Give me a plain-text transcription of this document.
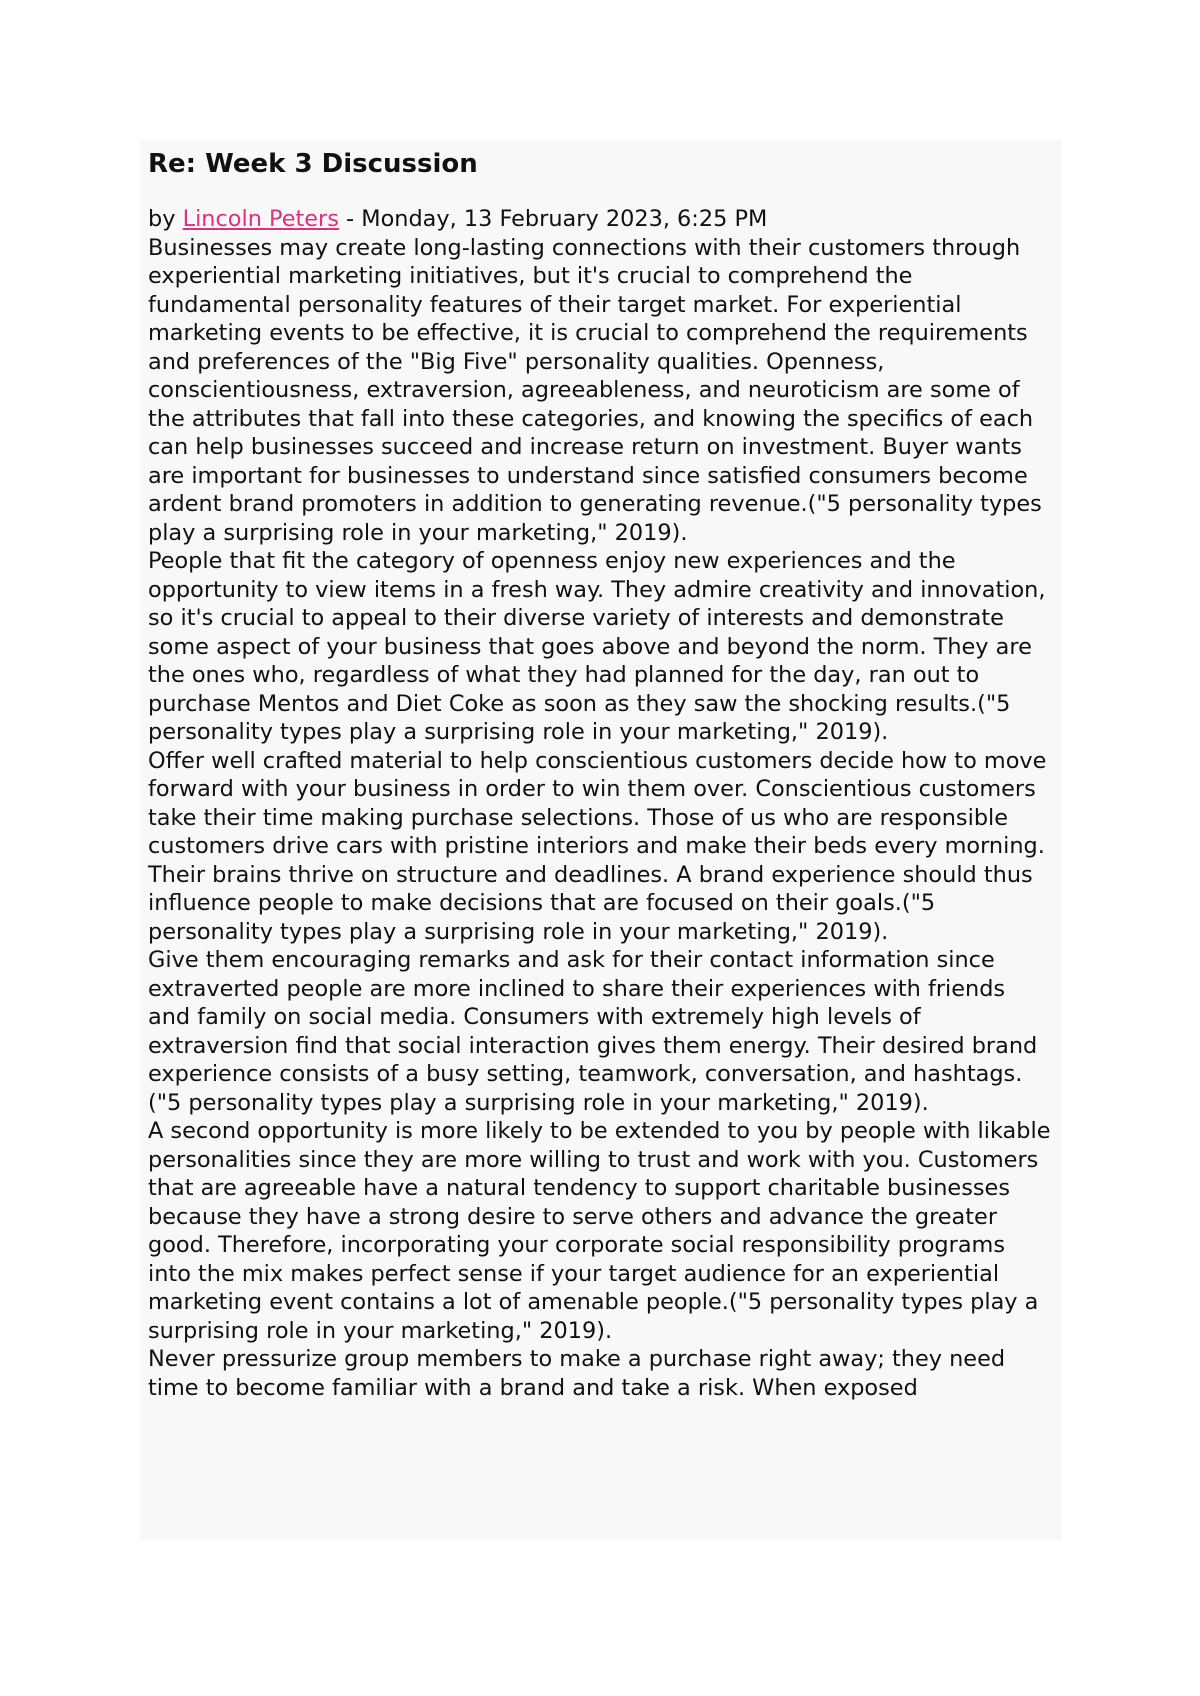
Re: Week 3 Discussion
by Lincoln Peters - Monday, 13 February 2023, 6:25 PM

Businesses may create long-lasting connections with their customers through experiential marketing initiatives, but it's crucial to comprehend the fundamental personality features of their target market. For experiential marketing events to be effective, it is crucial to comprehend the requirements and preferences of the "Big Five" personality qualities. Openness, conscientiousness, extraversion, agreeableness, and neuroticism are some of the attributes that fall into these categories, and knowing the specifics of each can help businesses succeed and increase return on investment. Buyer wants are important for businesses to understand since satisfied consumers become ardent brand promoters in addition to generating revenue.("5 personality types play a surprising role in your marketing," 2019).

People that fit the category of openness enjoy new experiences and the opportunity to view items in a fresh way. They admire creativity and innovation, so it's crucial to appeal to their diverse variety of interests and demonstrate some aspect of your business that goes above and beyond the norm. They are the ones who, regardless of what they had planned for the day, ran out to purchase Mentos and Diet Coke as soon as they saw the shocking results.("5 personality types play a surprising role in your marketing," 2019).

Offer well crafted material to help conscientious customers decide how to move forward with your business in order to win them over. Conscientious customers take their time making purchase selections. Those of us who are responsible customers drive cars with pristine interiors and make their beds every morning. Their brains thrive on structure and deadlines. A brand experience should thus influence people to make decisions that are focused on their goals.("5 personality types play a surprising role in your marketing," 2019).

Give them encouraging remarks and ask for their contact information since extraverted people are more inclined to share their experiences with friends and family on social media. Consumers with extremely high levels of extraversion find that social interaction gives them energy. Their desired brand experience consists of a busy setting, teamwork, conversation, and hashtags.("5 personality types play a surprising role in your marketing," 2019).

A second opportunity is more likely to be extended to you by people with likable personalities since they are more willing to trust and work with you. Customers that are agreeable have a natural tendency to support charitable businesses because they have a strong desire to serve others and advance the greater good. Therefore, incorporating your corporate social responsibility programs into the mix makes perfect sense if your target audience for an experiential marketing event contains a lot of amenable people.("5 personality types play a surprising role in your marketing," 2019).

Never pressurize group members to make a purchase right away; they need time to become familiar with a brand and take a risk. When exposed
